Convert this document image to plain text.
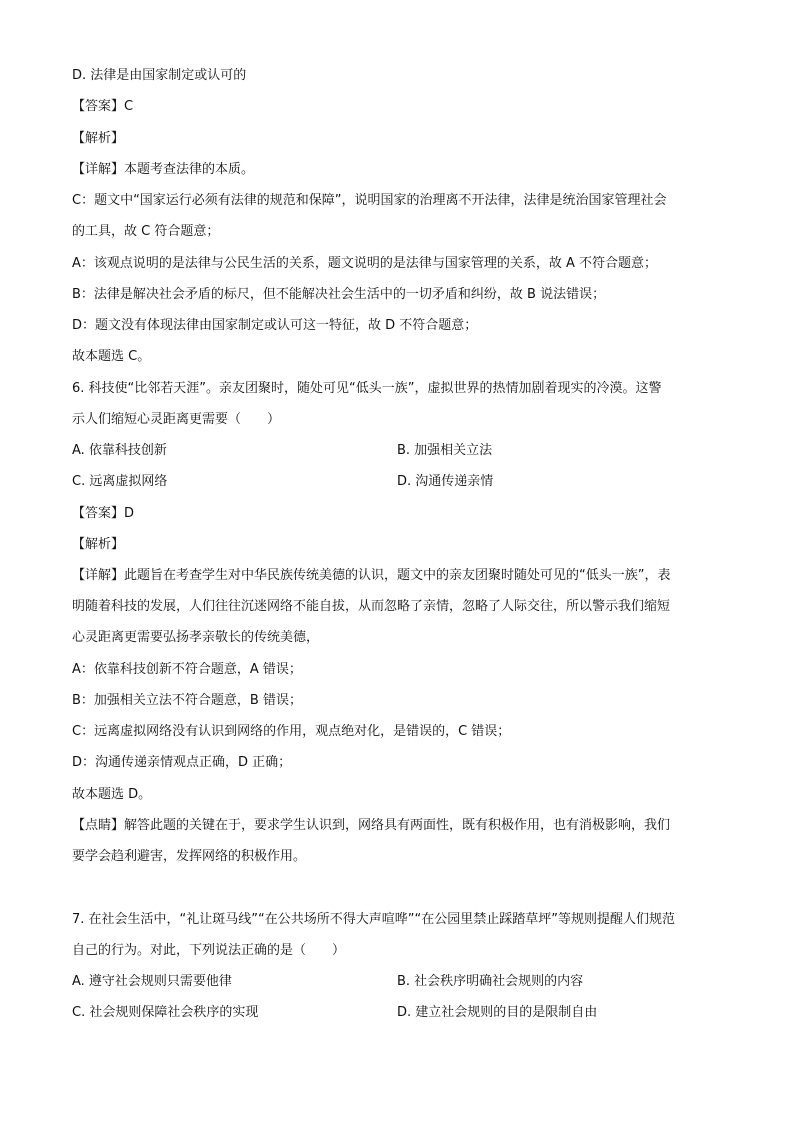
D. 法律是由国家制定或认可的
【答案】C
【解析】
【详解】本题考查法律的本质。
C：题文中“国家运行必须有法律的规范和保障”，说明国家的治理离不开法律，法律是统治国家管理社会
的工具，故 C 符合题意；
A：该观点说明的是法律与公民生活的关系，题文说明的是法律与国家管理的关系，故 A 不符合题意；
B：法律是解决社会矛盾的标尺，但不能解决社会生活中的一切矛盾和纠纷，故 B 说法错误；
D：题文没有体现法律由国家制定或认可这一特征，故 D 不符合题意；
故本题选 C。
6. 科技使“比邻若天涯”。亲友团聚时，随处可见“低头一族”，虚拟世界的热情加剧着现实的冷漠。这警
示人们缩短心灵距离更需要（　　）
A. 依靠科技创新	B. 加强相关立法
C. 远离虚拟网络	D. 沟通传递亲情
【答案】D
【解析】
【详解】此题旨在考查学生对中华民族传统美德的认识，题文中的亲友团聚时随处可见的“低头一族”，表
明随着科技的发展，人们往往沉迷网络不能自拔，从而忽略了亲情，忽略了人际交往，所以警示我们缩短
心灵距离更需要弘扬孝亲敬长的传统美德，
A：依靠科技创新不符合题意，A 错误；
B：加强相关立法不符合题意，B 错误；
C：远离虚拟网络没有认识到网络的作用，观点绝对化，是错误的，C 错误；
D：沟通传递亲情观点正确，D 正确；
故本题选 D。
【点睛】解答此题的关键在于，要求学生认识到，网络具有两面性，既有积极作用，也有消极影响，我们
要学会趋利避害，发挥网络的积极作用。
7. 在社会生活中，“礼让斑马线”“在公共场所不得大声喧哗”“在公园里禁止踩踏草坪”等规则提醒人们规范
自己的行为。对此，下列说法正确的是（　　）
A. 遵守社会规则只需要他律	B. 社会秩序明确社会规则的内容
C. 社会规则保障社会秩序的实现	D. 建立社会规则的目的是限制自由
